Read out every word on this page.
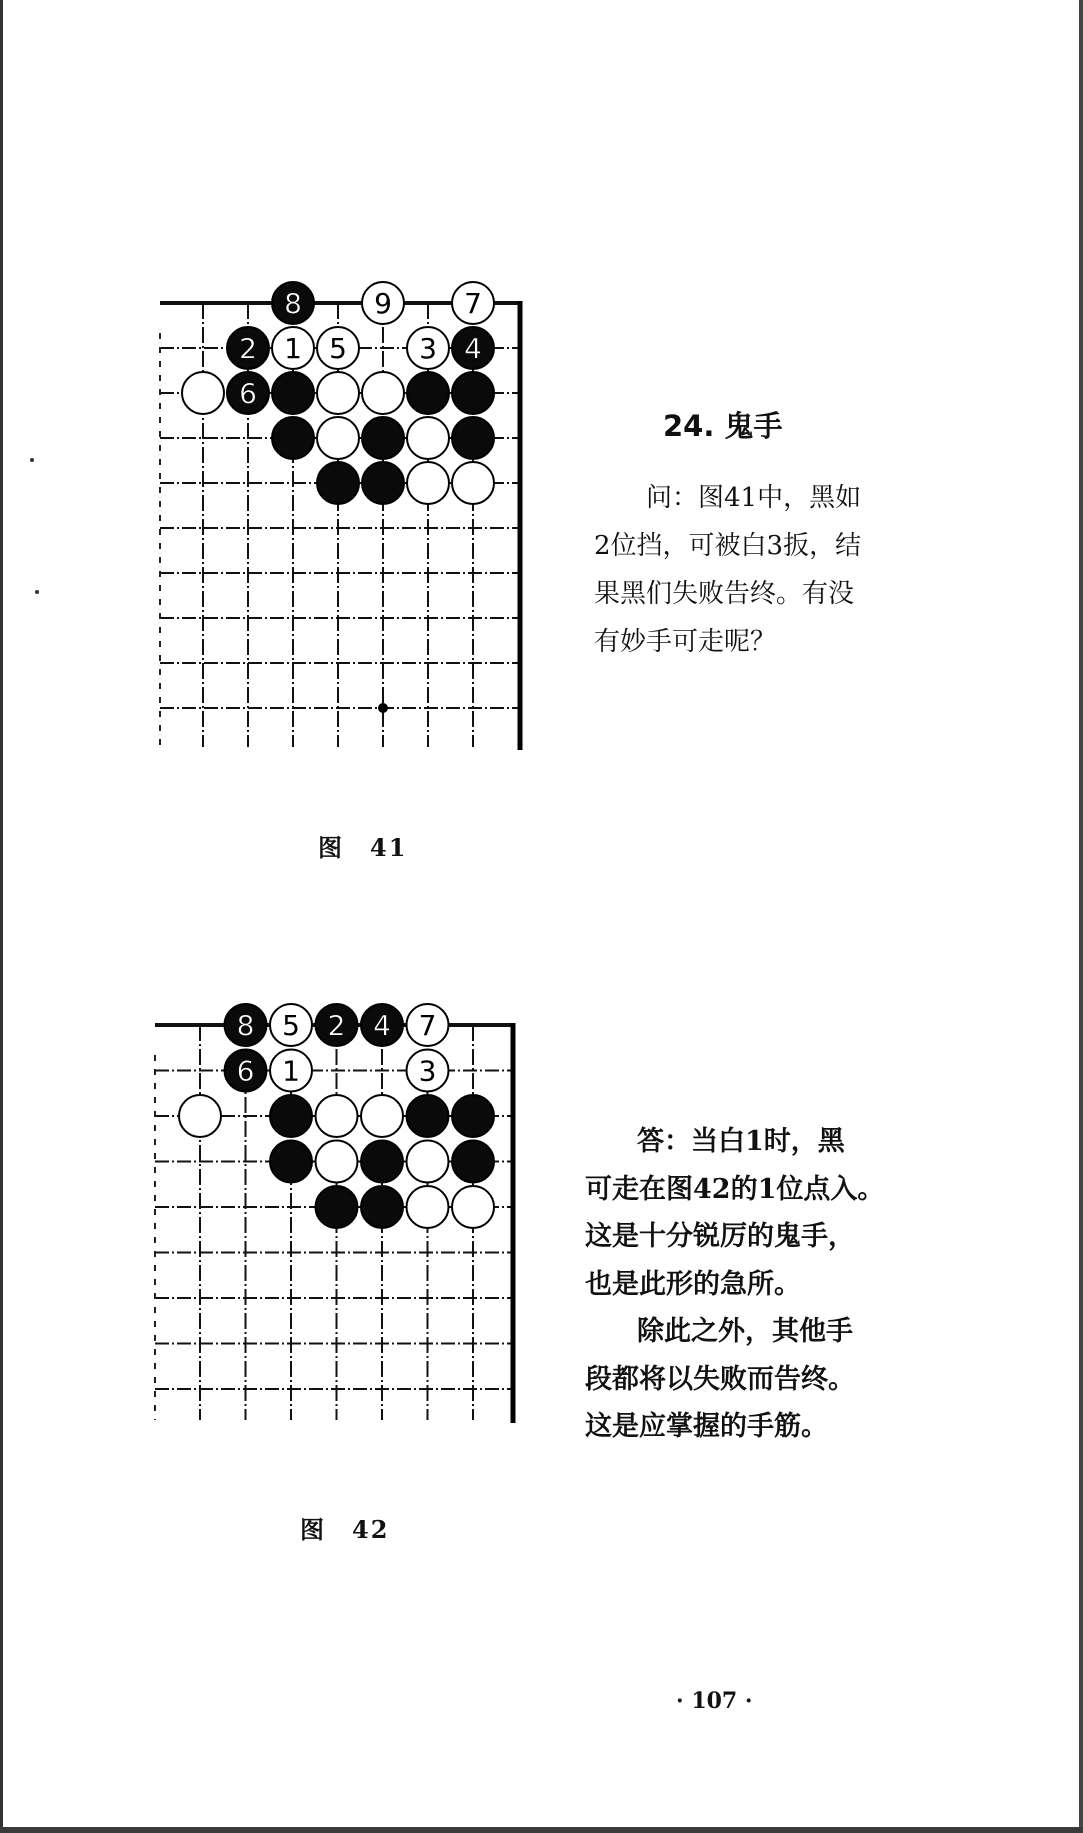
8	9	7
2 1 5	3 4
6
8 5 2 4 7
6 1	3
图 41
24. 鬼手

问：图41中，黑如

2位挡，可被白3扳，结

果黑们失败告终。有没

有妙手可走呢？

答：当白1时，黑

可走在图42的1位点入。

这是十分锐厉的鬼手，

也是此形的急所。

除此之外，其他手

段都将以失败而告终。

这是应掌握的手筋。

图 42
· 107 ·
